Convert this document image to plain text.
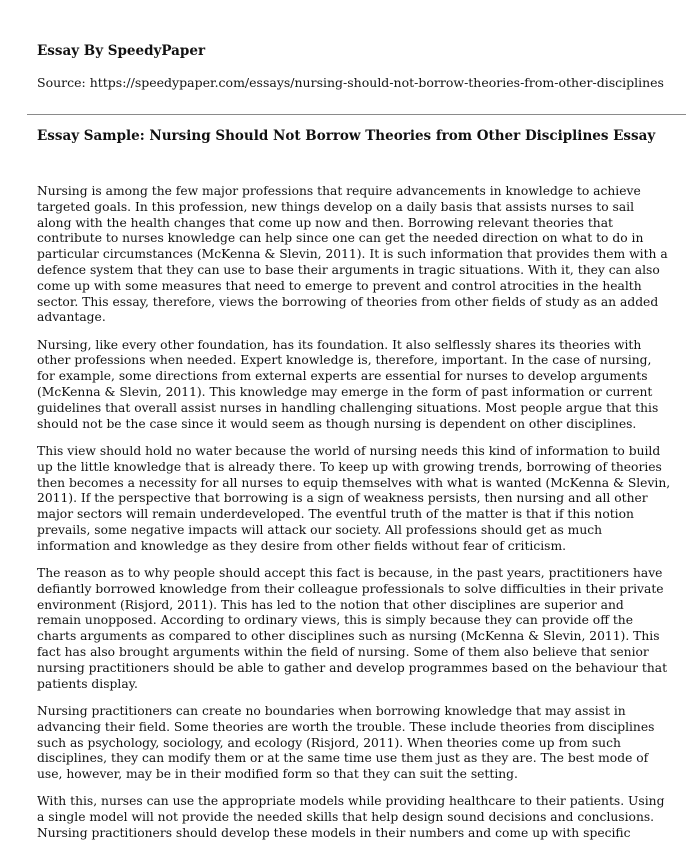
Essay By SpeedyPaper
Source: https://speedypaper.com/essays/nursing-should-not-borrow-theories-from-other-disciplines
Essay Sample: Nursing Should Not Borrow Theories from Other Disciplines Essay

Nursing is among the few major professions that require advancements in knowledge to achieve
targeted goals. In this profession, new things develop on a daily basis that assists nurses to sail
along with the health changes that come up now and then. Borrowing relevant theories that
contribute to nurses knowledge can help since one can get the needed direction on what to do in
particular circumstances (McKenna & Slevin, 2011). It is such information that provides them with a
defence system that they can use to base their arguments in tragic situations. With it, they can also
come up with some measures that need to emerge to prevent and control atrocities in the health
sector. This essay, therefore, views the borrowing of theories from other fields of study as an added
advantage.

Nursing, like every other foundation, has its foundation. It also selflessly shares its theories with
other professions when needed. Expert knowledge is, therefore, important. In the case of nursing,
for example, some directions from external experts are essential for nurses to develop arguments
(McKenna & Slevin, 2011). This knowledge may emerge in the form of past information or current
guidelines that overall assist nurses in handling challenging situations. Most people argue that this
should not be the case since it would seem as though nursing is dependent on other disciplines.

This view should hold no water because the world of nursing needs this kind of information to build
up the little knowledge that is already there. To keep up with growing trends, borrowing of theories
then becomes a necessity for all nurses to equip themselves with what is wanted (McKenna & Slevin,
2011). If the perspective that borrowing is a sign of weakness persists, then nursing and all other
major sectors will remain underdeveloped. The eventful truth of the matter is that if this notion
prevails, some negative impacts will attack our society. All professions should get as much
information and knowledge as they desire from other fields without fear of criticism.

The reason as to why people should accept this fact is because, in the past years, practitioners have
defiantly borrowed knowledge from their colleague professionals to solve difficulties in their private
environment (Risjord, 2011). This has led to the notion that other disciplines are superior and
remain unopposed. According to ordinary views, this is simply because they can provide off the
charts arguments as compared to other disciplines such as nursing (McKenna & Slevin, 2011). This
fact has also brought arguments within the field of nursing. Some of them also believe that senior
nursing practitioners should be able to gather and develop programmes based on the behaviour that
patients display.

Nursing practitioners can create no boundaries when borrowing knowledge that may assist in
advancing their field. Some theories are worth the trouble. These include theories from disciplines
such as psychology, sociology, and ecology (Risjord, 2011). When theories come up from such
disciplines, they can modify them or at the same time use them just as they are. The best mode of
use, however, may be in their modified form so that they can suit the setting.

With this, nurses can use the appropriate models while providing healthcare to their patients. Using
a single model will not provide the needed skills that help design sound decisions and conclusions.
Nursing practitioners should develop these models in their numbers and come up with specific
